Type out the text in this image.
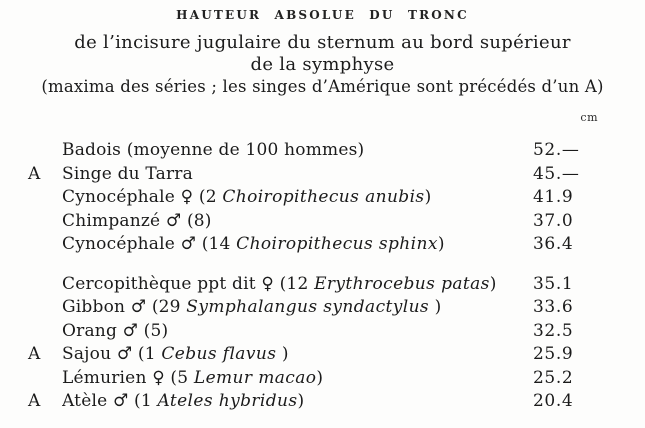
HAUTEUR ABSOLUE DU TRONC
de l’incisure jugulaire du sternum au bord supérieur
de la symphyse
(maxima des séries ; les singes d’Amérique sont précédés d’un A)
cm
Badois (moyenne de 100 hommes)	52.—
A	Singe du Tarra	45.—
Cynocéphale ♀ (2 Choiropithecus anubis)	41.9
Chimpanzé ♂ (8)	37.0
Cynocéphale ♂ (14 Choiropithecus sphinx)	36.4
Cercopithèque ppt dit ♀ (12 Erythrocebus patas)	35.1
Gibbon ♂ (29 Symphalangus syndactylus )	33.6
Orang ♂ (5)	32.5
A	Sajou ♂ (1 Cebus flavus )	25.9
Lémurien ♀ (5 Lemur macao)	25.2
A	Atèle ♂ (1 Ateles hybridus)	20.4
